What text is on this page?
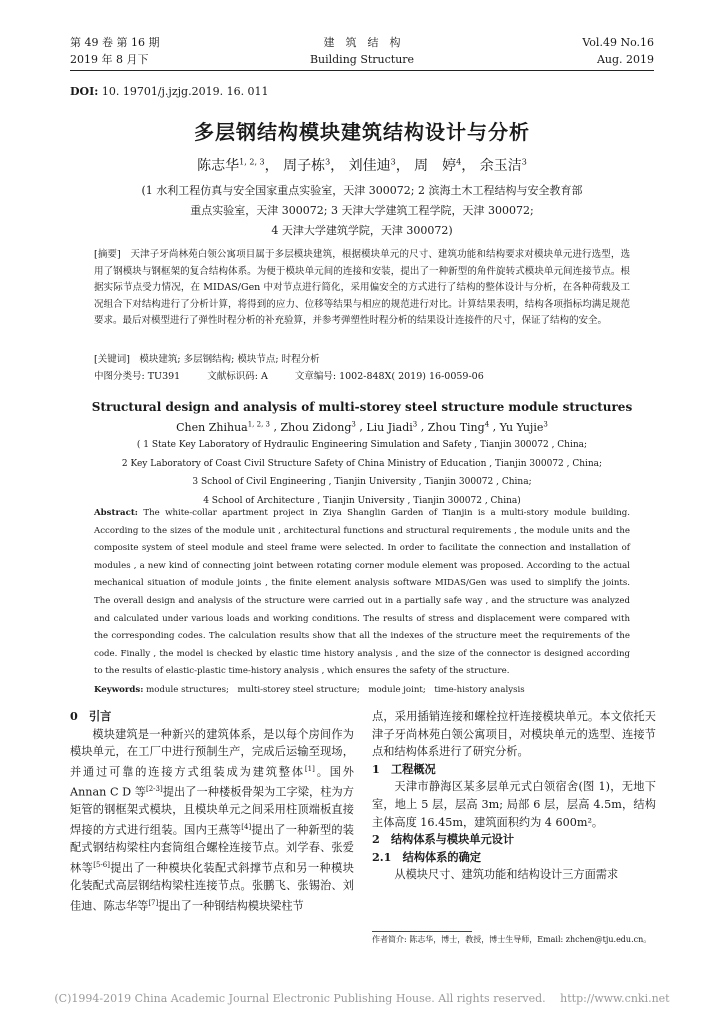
第 49 卷 第 16 期
2019 年 8 月下
建　筑　结　构
Building Structure
Vol.49 No.16
Aug. 2019
DOI: 10. 19701/j.jzjg.2019. 16. 011
多层钢结构模块建筑结构设计与分析
陈志华$^{1, 2, 3}$， 周子栋$^3$， 刘佳迪$^3$， 周　婷$^4$， 余玉洁$^3$
(1 水利工程仿真与安全国家重点实验室，天津 300072; 2 滨海土木工程结构与安全教育部
重点实验室，天津 300072; 3 天津大学建筑工程学院，天津 300072;
4 天津大学建筑学院，天津 300072)
[摘要]　天津子牙尚林苑白领公寓项目属于多层模块建筑，根据模块单元的尺寸、建筑功能和结构要求对模块单元进行选型，选用了钢模块与钢框架的复合结构体系。为便于模块单元间的连接和安装，提出了一种新型的角件旋转式模块单元间连接节点。根据实际节点受力情况，在 MIDAS/Gen 中对节点进行简化，采用偏安全的方式进行了结构的整体设计与分析，在各种荷载及工况组合下对结构进行了分析计算，将得到的应力、位移等结果与相应的规范进行对比。计算结果表明，结构各项指标均满足规范要求。最后对模型进行了弹性时程分析的补充验算，并参考弹塑性时程分析的结果设计连接件的尺寸，保证了结构的安全。
[关键词]　模块建筑; 多层钢结构; 模块节点; 时程分析
中图分类号: TU391	文献标识码: A	文章编号: 1002-848X( 2019) 16-0059-06
Structural design and analysis of multi-storey steel structure module structures
Chen Zhihua$^{1, 2, 3}$ , Zhou Zidong$^3$ , Liu Jiadi$^3$ , Zhou Ting$^4$ , Yu Yujie$^3$
( 1 State Key Laboratory of Hydraulic Engineering Simulation and Safety , Tianjin 300072 , China;
2 Key Laboratory of Coast Civil Structure Safety of China Ministry of Education , Tianjin 300072 , China;
3 School of Civil Engineering , Tianjin University , Tianjin 300072 , China;
4 School of Architecture , Tianjin University , Tianjin 300072 , China)
Abstract: The white-collar apartment project in Ziya Shanglin Garden of Tianjin is a multi-story module building. According to the sizes of the module unit , architectural functions and structural requirements , the module units and the composite system of steel module and steel frame were selected. In order to facilitate the connection and installation of modules , a new kind of connecting joint between rotating corner module element was proposed. According to the actual mechanical situation of module joints , the finite element analysis software MIDAS/Gen was used to simplify the joints. The overall design and analysis of the structure were carried out in a partially safe way , and the structure was analyzed and calculated under various loads and working conditions. The results of stress and displacement were compared with the corresponding codes. The calculation results show that all the indexes of the structure meet the requirements of the code. Finally , the model is checked by elastic time history analysis , and the size of the connector is designed according to the results of elastic-plastic time-history analysis , which ensures the safety of the structure.
Keywords: module structures;　multi-storey steel structure;　module joint;　time-history analysis
0　引言
模块建筑是一种新兴的建筑体系，是以每个房间作为模块单元，在工厂中进行预制生产，完成后运输至现场，并通过可靠的连接方式组装成为建筑整体[1]。国外 Annan C D 等[2-3]提出了一种楼板骨架为工字梁，柱为方矩管的钢框架式模块，且模块单元之间采用柱顶端板直接焊接的方式进行组装。国内王燕等[4]提出了一种新型的装配式钢结构梁柱内套筒组合螺栓连接节点。刘学春、张爱林等[5-6]提出了一种模块化装配式斜撑节点和另一种模块化装配式高层钢结构梁柱连接节点。张鹏飞、张锡治、刘佳迪、陈志华等[7]提出了一种钢结构模块梁柱节
点，采用插销连接和螺栓拉杆连接模块单元。本文依托天津子牙尚林苑白领公寓项目，对模块单元的选型、连接节点和结构体系进行了研究分析。
1　工程概况
天津市静海区某多层单元式白领宿舍(图 1)，无地下室，地上 5 层，层高 3m; 局部 6 层，层高 4.5m，结构主体高度 16.45m，建筑面积约为 4 600m²。
2　结构体系与模块单元设计
2.1　结构体系的确定
从模块尺寸、建筑功能和结构设计三方面需求
作者简介: 陈志华，博士，教授，博士生导师，Email: zhchen@tju.edu.cn。
(C)1994-2019 China Academic Journal Electronic Publishing House. All rights reserved.　 http://www.cnki.net
